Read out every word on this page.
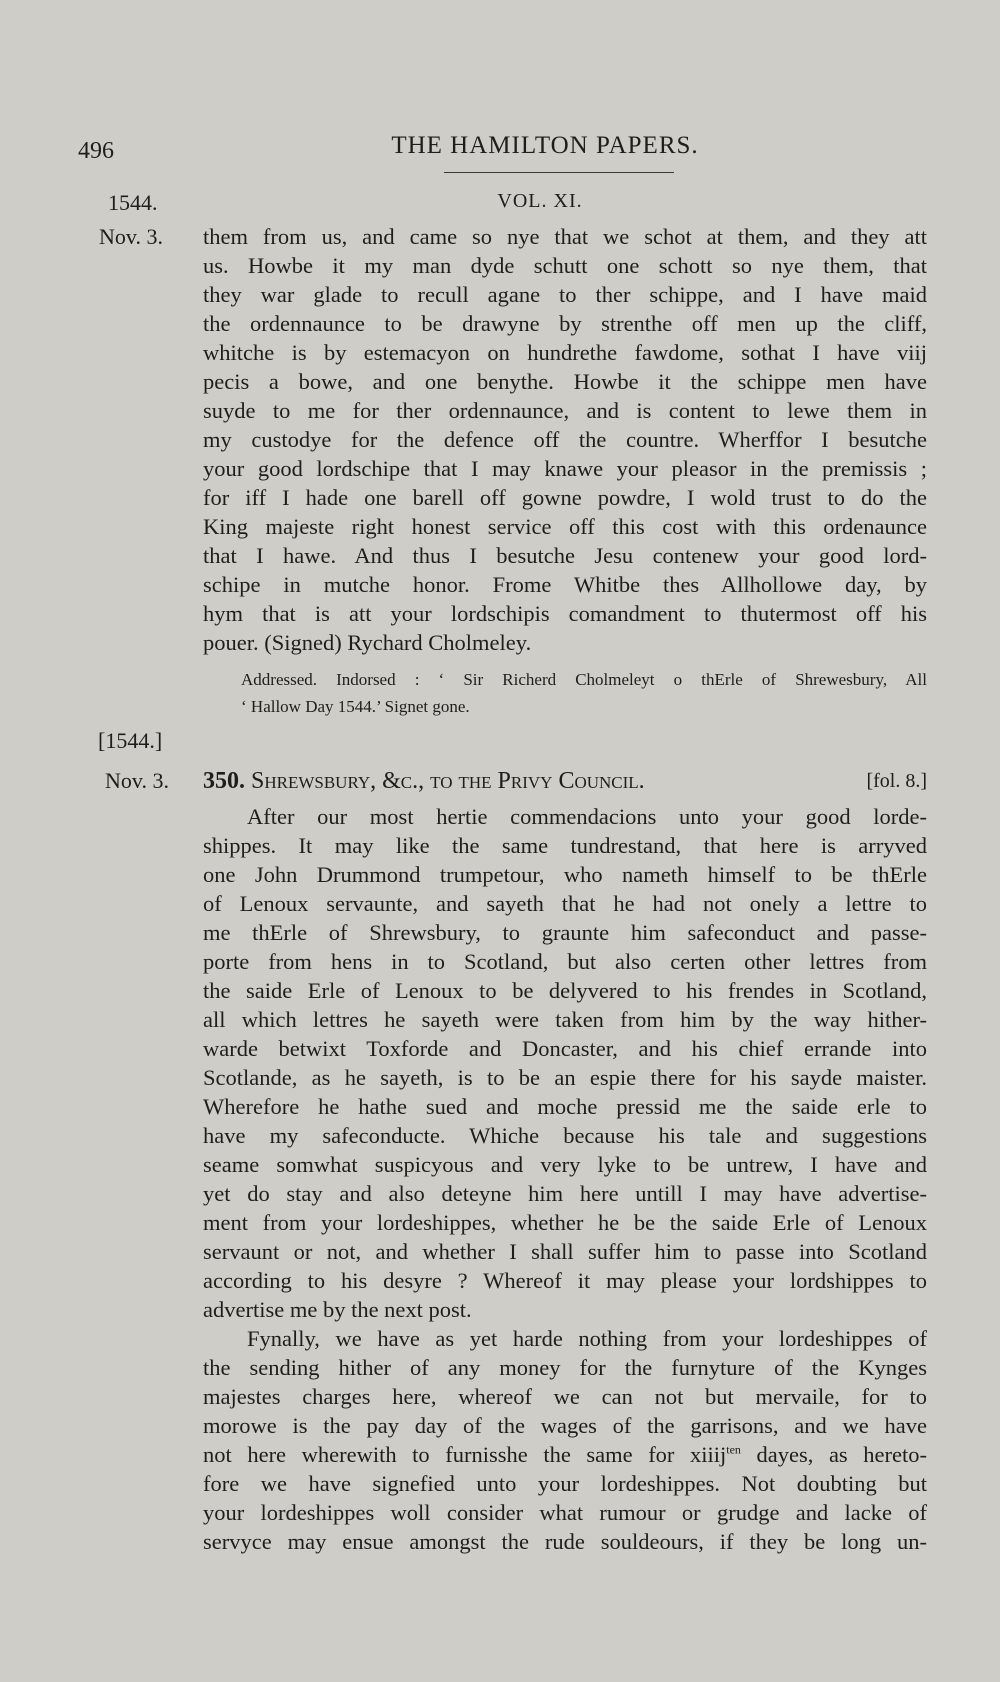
496	THE HAMILTON PAPERS.
1544.	VOL. XI.
Nov. 3. them from us, and came so nye that we schot at them, and they att
us. Howbe it my man dyde schutt one schott so nye them, that
they war glade to recull agane to ther schippe, and I have maid
the ordennaunce to be drawyne by strenthe off men up the cliff,
whitche is by estemacyon on hundrethe fawdome, sothat I have viij
pecis a bowe, and one benythe. Howbe it the schippe men have
suyde to me for ther ordennaunce, and is content to lewe them in
my custodye for the defence off the countre. Wherffor I besutche
your good lordschipe that I may knawe your pleasor in the premissis ;
for iff I hade one barell off gowne powdre, I wold trust to do the
King majeste right honest service off this cost with this ordenaunce
that I hawe. And thus I besutche Jesu contenew your good lord-
schipe in mutche honor. Frome Whitbe thes Allhollowe day, by
hym that is att your lordschipis comandment to thutermost off his
pouer. (Signed) Rychard Cholmeley.
Addressed. Indorsed : ‘ Sir Richerd Cholmeleyt o thErle of Shrewesbury, All
‘ Hallow Day 1544.’ Signet gone.
[1544.]
Nov. 3. 350. Shrewsbury, &c., to the Privy Council.	[fol. 8.]
After our most hertie commendacions unto your good lorde-
shippes. It may like the same tundrestand, that here is arryved
one John Drummond trumpetour, who nameth himself to be thErle
of Lenoux servaunte, and sayeth that he had not onely a lettre to
me thErle of Shrewsbury, to graunte him safeconduct and passe-
porte from hens in to Scotland, but also certen other lettres from
the saide Erle of Lenoux to be delyvered to his frendes in Scotland,
all which lettres he sayeth were taken from him by the way hither-
warde betwixt Toxforde and Doncaster, and his chief errande into
Scotlande, as he sayeth, is to be an espie there for his sayde maister.
Wherefore he hathe sued and moche pressid me the saide erle to
have my safeconducte. Whiche because his tale and suggestions
seame somwhat suspicyous and very lyke to be untrew, I have and
yet do stay and also deteyne him here untill I may have advertise-
ment from your lordeshippes, whether he be the saide Erle of Lenoux
servaunt or not, and whether I shall suffer him to passe into Scotland
according to his desyre ? Whereof it may please your lordshippes to
advertise me by the next post.
Fynally, we have as yet harde nothing from your lordeshippes of
the sending hither of any money for the furnyture of the Kynges
majestes charges here, whereof we can not but mervaile, for to
morowe is the pay day of the wages of the garrisons, and we have
not here wherewith to furnisshe the same for xiiij$^{ten}$ dayes, as hereto-
fore we have signefied unto your lordeshippes. Not doubting but
your lordeshippes woll consider what rumour or grudge and lacke of
servyce may ensue amongst the rude souldeours, if they be long un-
